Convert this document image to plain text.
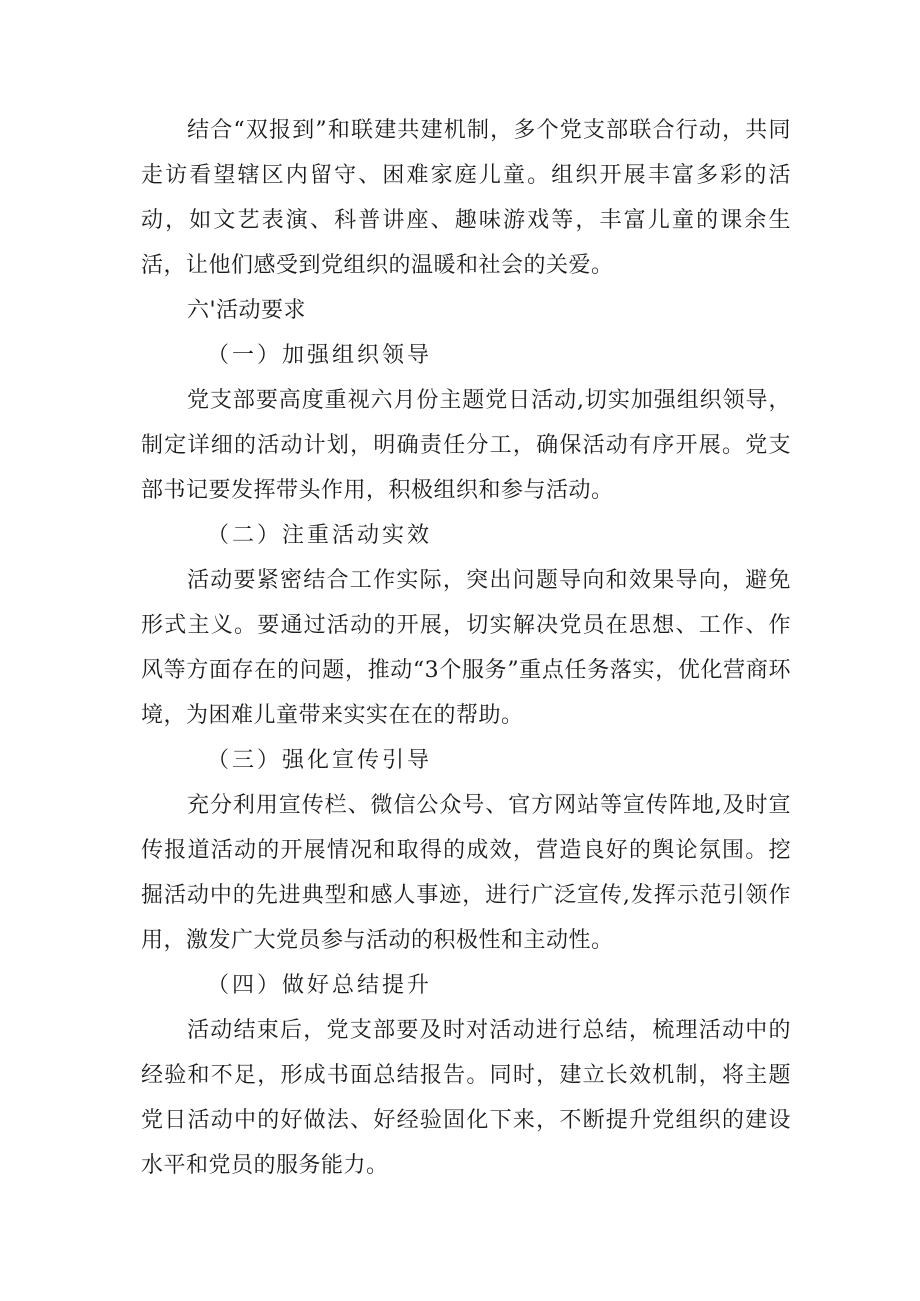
结合“双报到”和联建共建机制，多个党支部联合行动，共同走访看望辖区内留守、困难家庭儿童。组织开展丰富多彩的活动，如文艺表演、科普讲座、趣味游戏等，丰富儿童的课余生活，让他们感受到党组织的温暖和社会的关爱。

六'活动要求
（一）加强组织领导

党支部要高度重视六月份主题党日活动,切实加强组织领导，制定详细的活动计划，明确责任分工，确保活动有序开展。党支部书记要发挥带头作用，积极组织和参与活动。

（二）注重活动实效

活动要紧密结合工作实际，突出问题导向和效果导向，避免形式主义。要通过活动的开展，切实解决党员在思想、工作、作风等方面存在的问题，推动“3个服务”重点任务落实，优化营商环境，为困难儿童带来实实在在的帮助。

（三）强化宣传引导

充分利用宣传栏、微信公众号、官方网站等宣传阵地,及时宣传报道活动的开展情况和取得的成效，营造良好的舆论氛围。挖掘活动中的先进典型和感人事迹，进行广泛宣传,发挥示范引领作用，激发广大党员参与活动的积极性和主动性。

（四）做好总结提升

活动结束后，党支部要及时对活动进行总结，梳理活动中的经验和不足，形成书面总结报告。同时，建立长效机制，将主题党日活动中的好做法、好经验固化下来，不断提升党组织的建设水平和党员的服务能力。
